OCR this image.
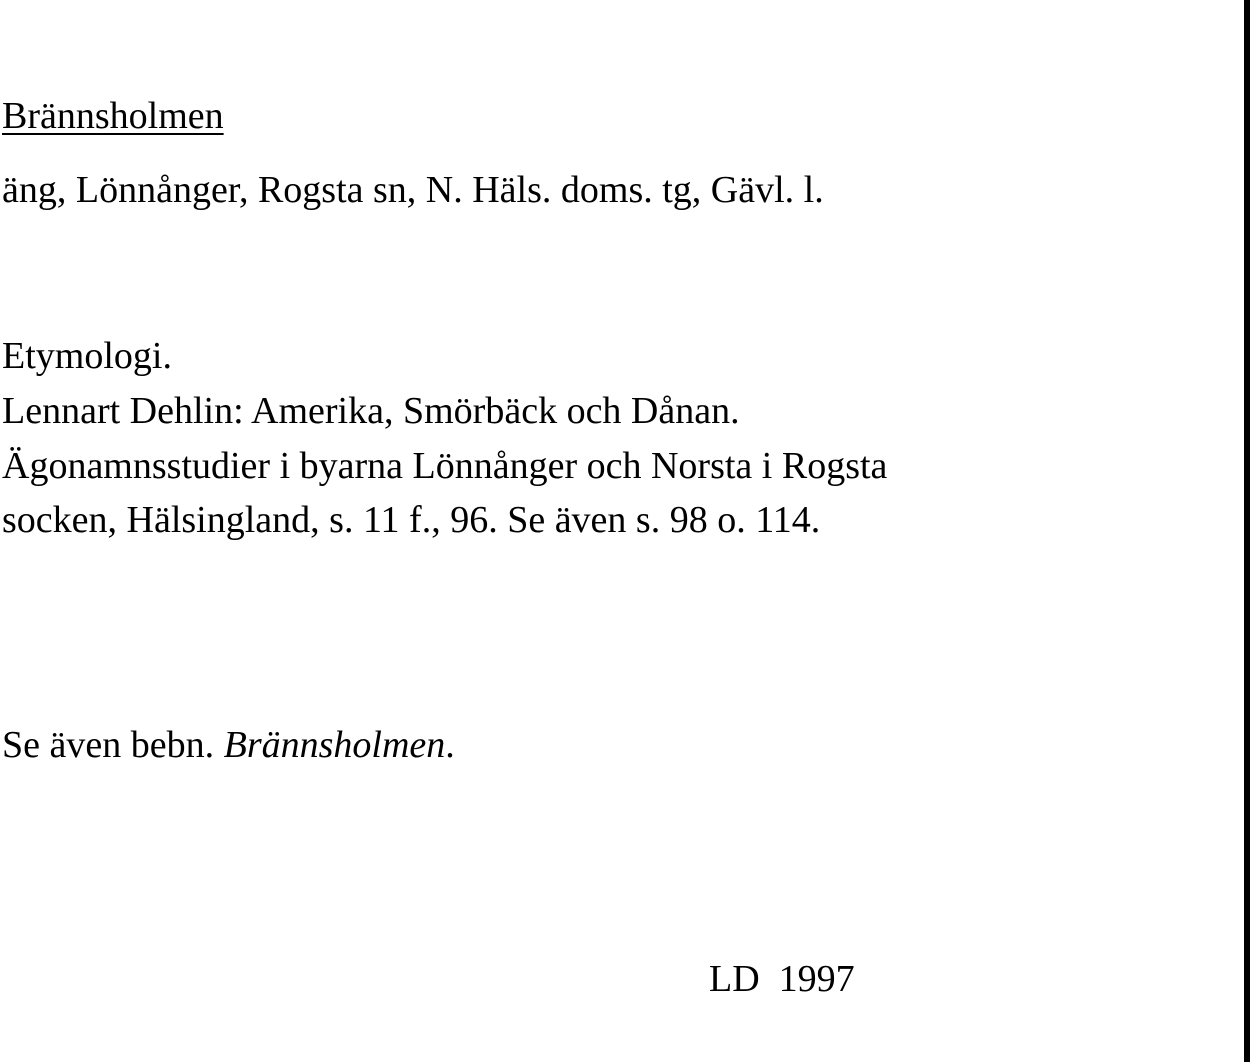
Brännsholmen
äng, Lönnånger, Rogsta sn, N. Häls. doms. tg, Gävl. l.
Etymologi.
Lennart Dehlin: Amerika, Smörbäck och Dånan.
Ägonamnsstudier i byarna Lönnånger och Norsta i Rogsta
socken, Hälsingland, s. 11 f., 96. Se även s. 98 o. 114.
Se även bebn. Brännsholmen.
LD  1997
